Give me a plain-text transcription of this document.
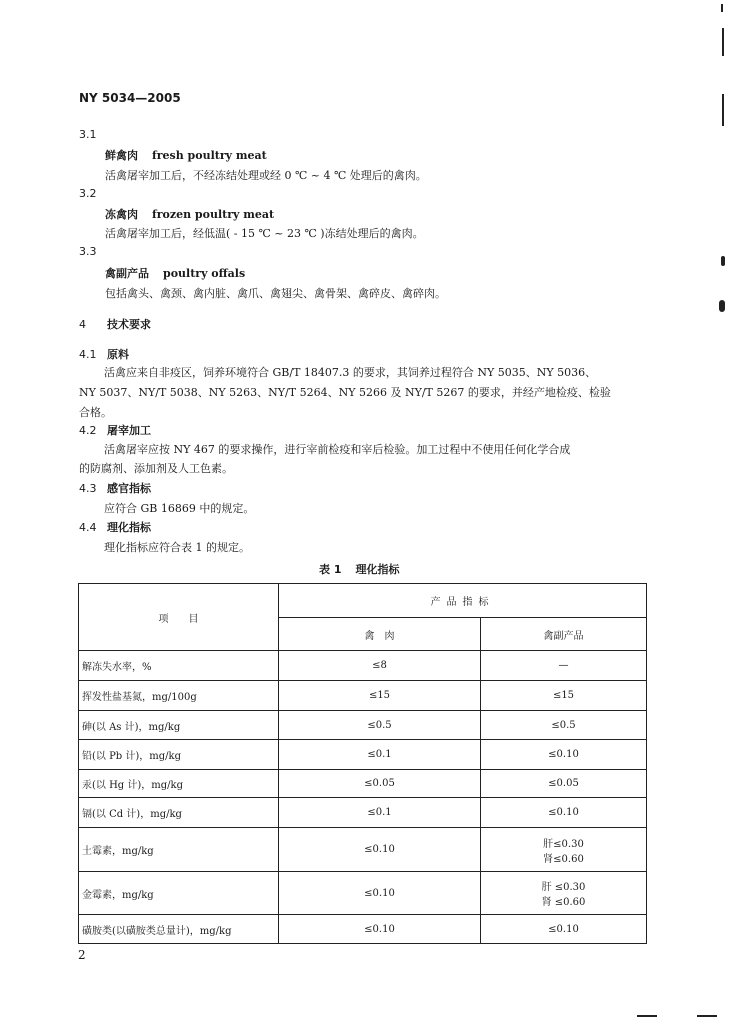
NY 5034—2005
3.1
鲜禽肉 fresh poultry meat
活禽屠宰加工后，不经冻结处理或经 0 ℃ ~ 4 ℃ 处理后的禽肉。
3.2
冻禽肉 frozen poultry meat
活禽屠宰加工后，经低温( - 15 ℃ ~ 23 ℃ )冻结处理后的禽肉。
3.3
禽副产品 poultry offals
包括禽头、禽颈、禽内脏、禽爪、禽翅尖、禽骨架、禽碎皮、禽碎肉。
4 技术要求
4.1 原料
活禽应来自非疫区，饲养环境符合 GB/T 18407.3 的要求，其饲养过程符合 NY 5035、NY 5036、
NY 5037、NY/T 5038、NY 5263、NY/T 5264、NY 5266 及 NY/T 5267 的要求，并经产地检疫、检验
合格。
4.2 屠宰加工
活禽屠宰应按 NY 467 的要求操作，进行宰前检疫和宰后检验。加工过程中不使用任何化学合成
的防腐剂、添加剂及人工色素。
4.3 感官指标
应符合 GB 16869 中的规定。
4.4 理化指标
理化指标应符合表 1 的规定。
表 1 理化指标
项　　目	产品指标	
	禽　肉	禽副产品
解冻失水率，%	≤8	—
挥发性盐基氮，mg/100g	≤15	≤15
砷(以 As 计)，mg/kg	≤0.5	≤0.5
铅(以 Pb 计)，mg/kg	≤0.1	≤0.10
汞(以 Hg 计)，mg/kg	≤0.05	≤0.05
镉(以 Cd 计)，mg/kg	≤0.1	≤0.10
土霉素，mg/kg	≤0.10	肝≤0.30
肾≤0.60

金霉素，mg/kg	≤0.10	肝 ≤0.30
肾 ≤0.60

磺胺类(以磺胺类总量计)，mg/kg	≤0.10	≤0.10
2
